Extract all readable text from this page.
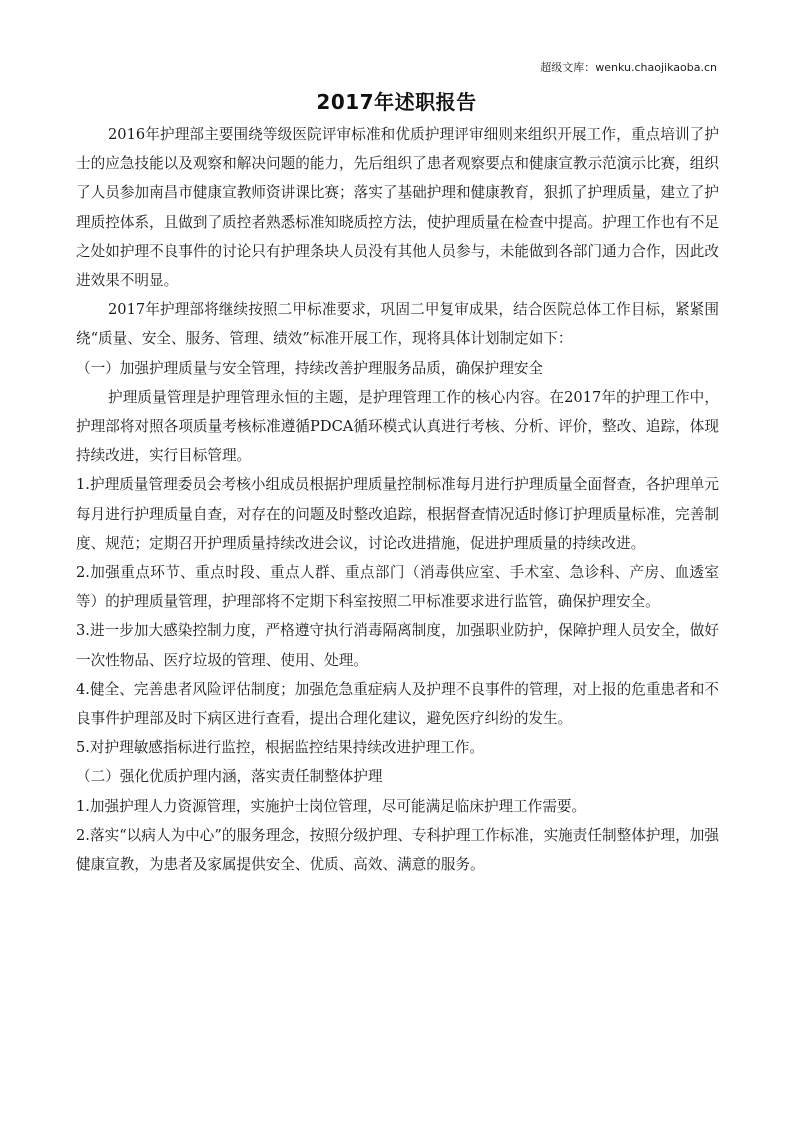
超级文库：wenku.chaojikaoba.cn
2017年述职报告

2016年护理部主要围绕等级医院评审标准和优质护理评审细则来组织开展工作，重点培训了护士的应急技能以及观察和解决问题的能力，先后组织了患者观察要点和健康宣教示范演示比赛，组织了人员参加南昌市健康宣教师资讲课比赛；落实了基础护理和健康教育，狠抓了护理质量，建立了护理质控体系，且做到了质控者熟悉标准知晓质控方法，使护理质量在检查中提高。护理工作也有不足之处如护理不良事件的讨论只有护理条块人员没有其他人员参与，未能做到各部门通力合作，因此改进效果不明显。

2017年护理部将继续按照二甲标准要求，巩固二甲复审成果，结合医院总体工作目标，紧紧围绕“质量、安全、服务、管理、绩效”标准开展工作，现将具体计划制定如下：

（一）加强护理质量与安全管理，持续改善护理服务品质，确保护理安全

护理质量管理是护理管理永恒的主题，是护理管理工作的核心内容。在2017年的护理工作中，护理部将对照各项质量考核标准遵循PDCA循环模式认真进行考核、分析、评价，整改、追踪，体现持续改进，实行目标管理。

1.护理质量管理委员会考核小组成员根据护理质量控制标准每月进行护理质量全面督查，各护理单元每月进行护理质量自查，对存在的问题及时整改追踪，根据督查情况适时修订护理质量标准，完善制度、规范；定期召开护理质量持续改进会议，讨论改进措施，促进护理质量的持续改进。

2.加强重点环节、重点时段、重点人群、重点部门（消毒供应室、手术室、急诊科、产房、血透室等）的护理质量管理，护理部将不定期下科室按照二甲标准要求进行监管，确保护理安全。

3.进一步加大感染控制力度，严格遵守执行消毒隔离制度，加强职业防护，保障护理人员安全，做好一次性物品、医疗垃圾的管理、使用、处理。

4.健全、完善患者风险评估制度；加强危急重症病人及护理不良事件的管理，对上报的危重患者和不良事件护理部及时下病区进行查看，提出合理化建议，避免医疗纠纷的发生。

5.对护理敏感指标进行监控，根据监控结果持续改进护理工作。

（二）强化优质护理内涵，落实责任制整体护理

1.加强护理人力资源管理，实施护士岗位管理，尽可能满足临床护理工作需要。

2.落实“以病人为中心”的服务理念，按照分级护理、专科护理工作标准，实施责任制整体护理，加强健康宣教，为患者及家属提供安全、优质、高效、满意的服务。
